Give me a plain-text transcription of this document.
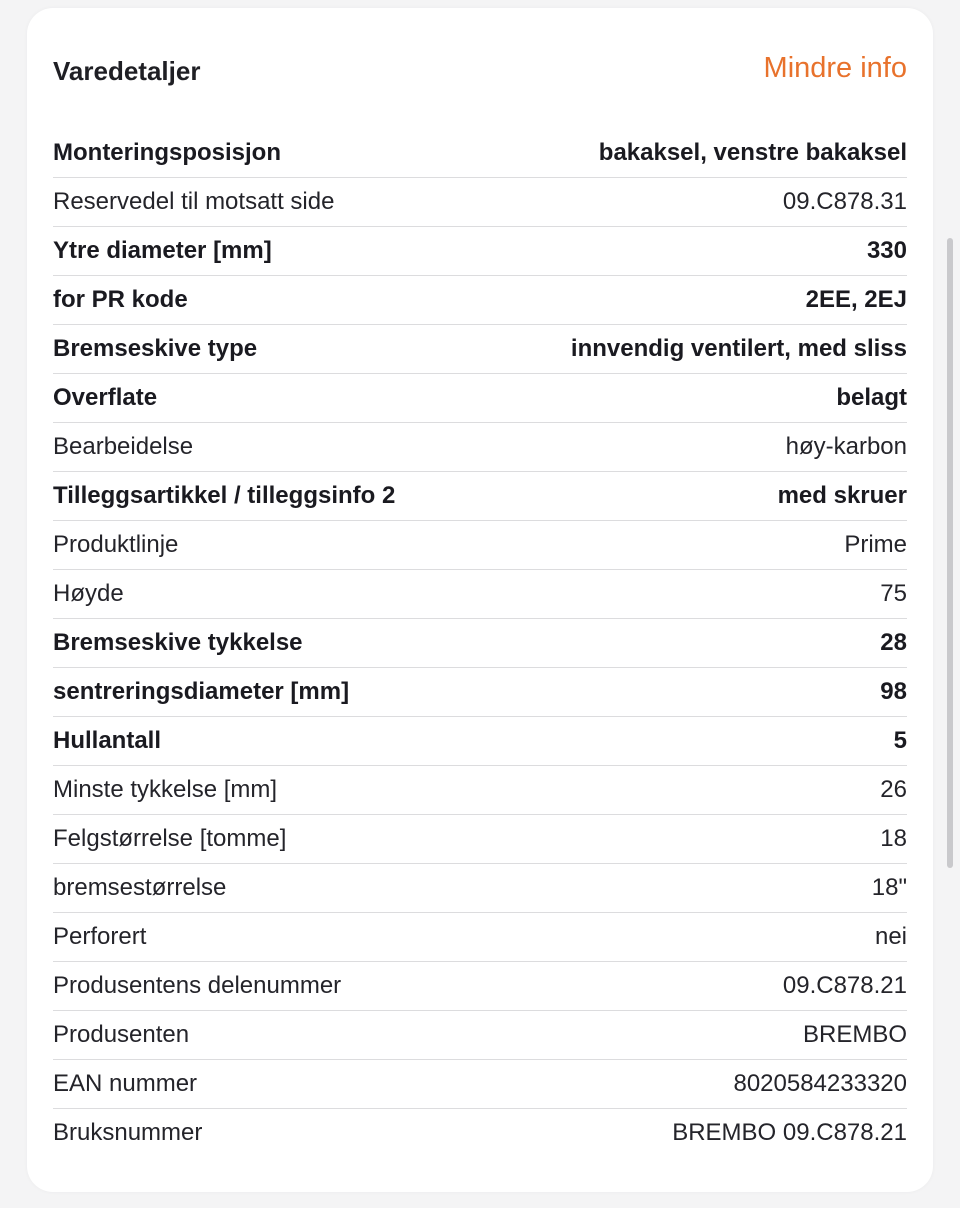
Varedetaljer	Mindre info
Monteringsposisjon	bakaksel, venstre bakaksel
Reservedel til motsatt side	09.C878.31
Ytre diameter [mm]	330
for PR kode	2EE, 2EJ
Bremseskive type	innvendig ventilert, med sliss
Overflate	belagt
Bearbeidelse	høy-karbon
Tilleggsartikkel / tilleggsinfo 2	med skruer
Produktlinje	Prime
Høyde	75
Bremseskive tykkelse	28
sentreringsdiameter [mm]	98
Hullantall	5
Minste tykkelse [mm]	26
Felgstørrelse [tomme]	18
bremsestørrelse	18"
Perforert	nei
Produsentens delenummer	09.C878.21
Produsenten	BREMBO
EAN nummer	8020584233320
Bruksnummer	BREMBO 09.C878.21
